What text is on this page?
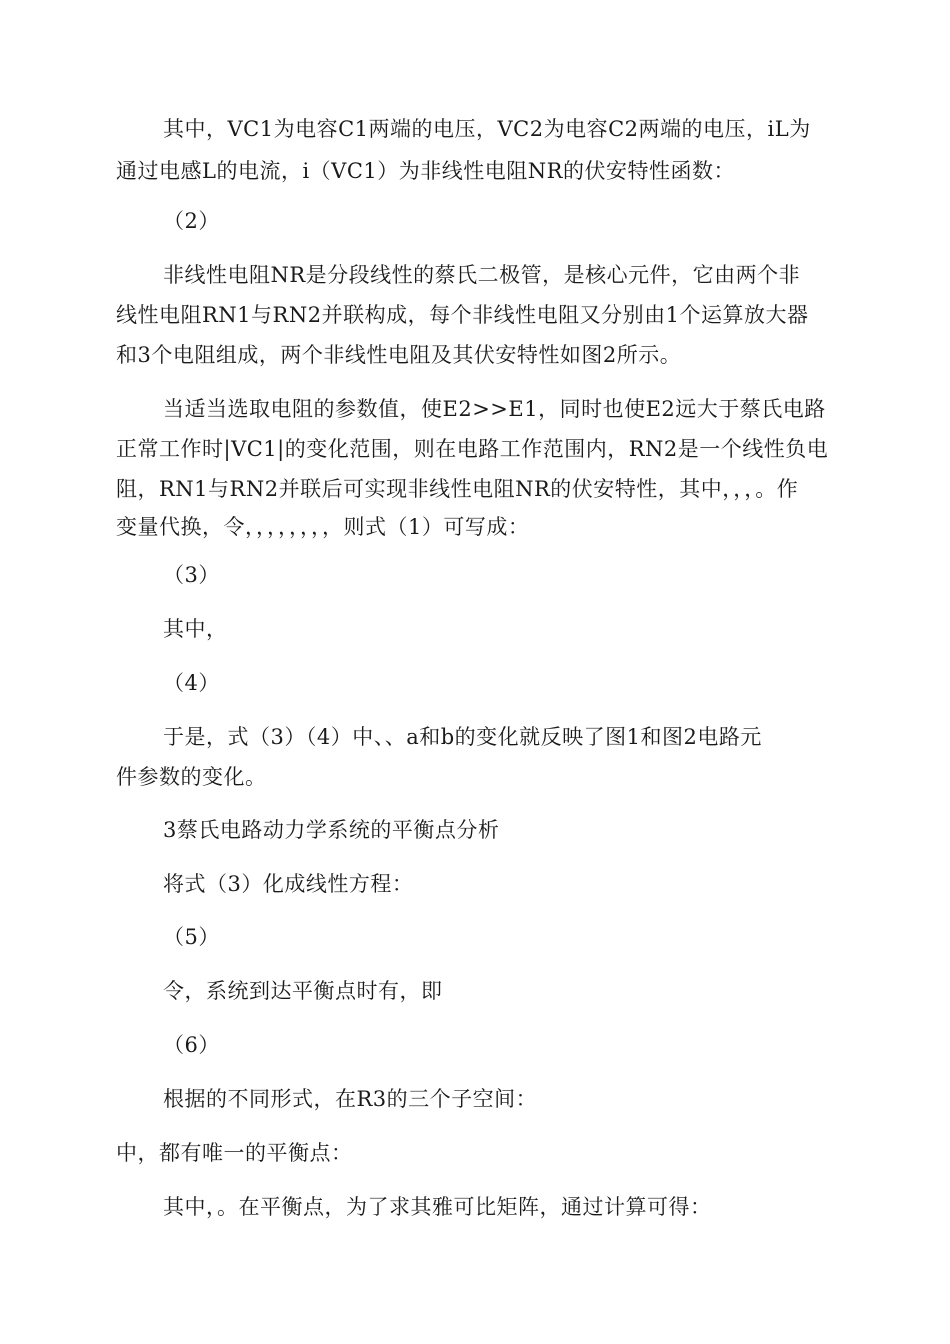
其中，VC1为电容C1两端的电压，VC2为电容C2两端的电压，iL为
通过电感L的电流，i（VC1）为非线性电阻NR的伏安特性函数：
（2）
非线性电阻NR是分段线性的蔡氏二极管，是核心元件，它由两个非
线性电阻RN1与RN2并联构成，每个非线性电阻又分别由1个运算放大器
和3个电阻组成，两个非线性电阻及其伏安特性如图2所示。
当适当选取电阻的参数值，使E2>>E1，同时也使E2远大于蔡氏电路
正常工作时|VC1|的变化范围，则在电路工作范围内，RN2是一个线性负电
阻，RN1与RN2并联后可实现非线性电阻NR的伏安特性，其中，，，。作
变量代换，令，，，，，，，，则式（1）可写成：
（3）
其中，
（4）
于是，式（3）（4）中、、a和b的变化就反映了图1和图2电路元
件参数的变化。
3蔡氏电路动力学系统的平衡点分析
将式（3）化成线性方程：
（5）
令，系统到达平衡点时有，即
（6）
根据的不同形式，在R3的三个子空间：
中，都有唯一的平衡点：
其中，。在平衡点，为了求其雅可比矩阵，通过计算可得：
